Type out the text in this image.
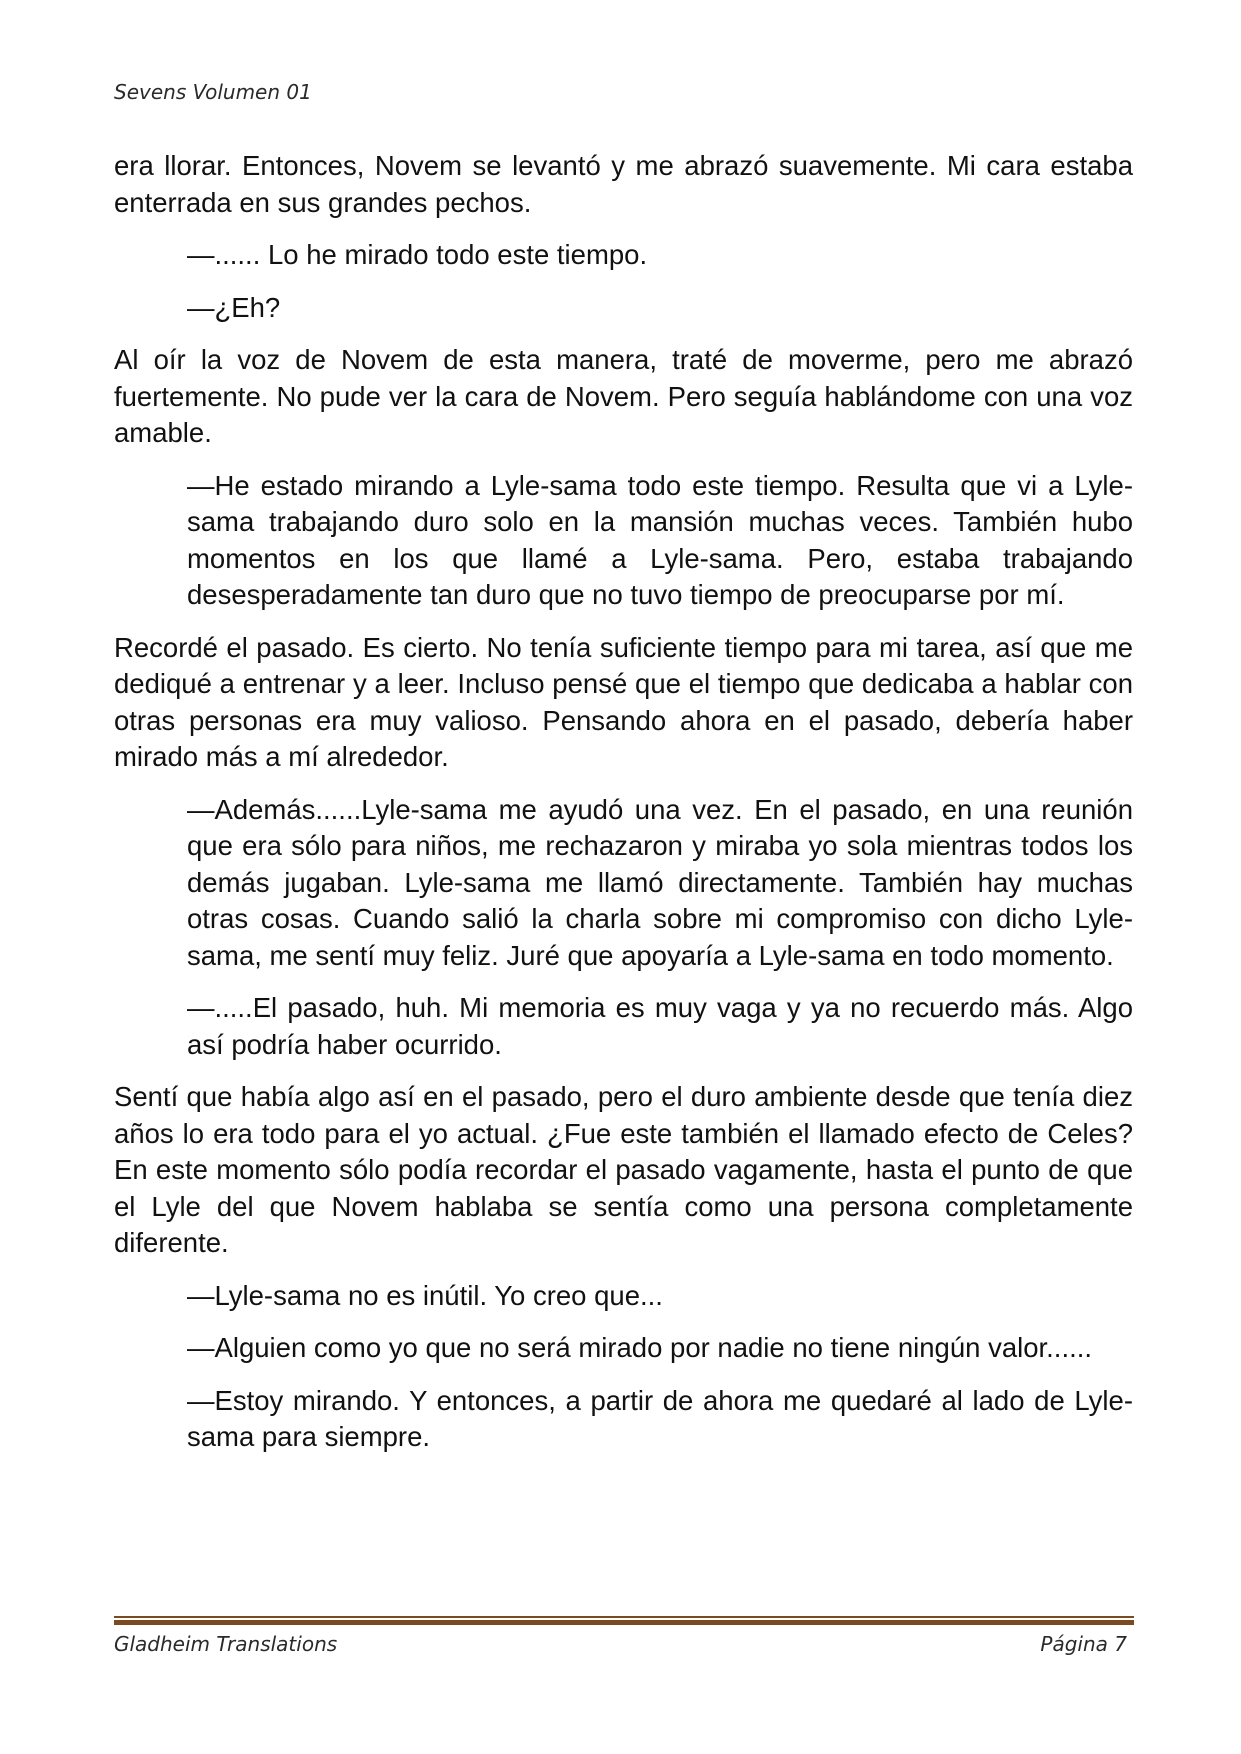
Sevens Volumen 01

era llorar. Entonces, Novem se levantó y me abrazó suavemente. Mi cara estaba enterrada en sus grandes pechos.

—...... Lo he mirado todo este tiempo.

—¿Eh?

Al oír la voz de Novem de esta manera, traté de moverme, pero me abrazó fuertemente. No pude ver la cara de Novem. Pero seguía hablándome con una voz amable.

—He estado mirando a Lyle-sama todo este tiempo. Resulta que vi a Lyle-sama trabajando duro solo en la mansión muchas veces. También hubo momentos en los que llamé a Lyle-sama. Pero, estaba trabajando desesperadamente tan duro que no tuvo tiempo de preocuparse por mí.

Recordé el pasado. Es cierto. No tenía suficiente tiempo para mi tarea, así que me dediqué a entrenar y a leer. Incluso pensé que el tiempo que dedicaba a hablar con otras personas era muy valioso. Pensando ahora en el pasado, debería haber mirado más a mí alrededor.

—Además......Lyle-sama me ayudó una vez. En el pasado, en una reunión que era sólo para niños, me rechazaron y miraba yo sola mientras todos los demás jugaban. Lyle-sama me llamó directamente. También hay muchas otras cosas. Cuando salió la charla sobre mi compromiso con dicho Lyle-sama, me sentí muy feliz. Juré que apoyaría a Lyle-sama en todo momento.

—.....El pasado, huh. Mi memoria es muy vaga y ya no recuerdo más. Algo así podría haber ocurrido.

Sentí que había algo así en el pasado, pero el duro ambiente desde que tenía diez años lo era todo para el yo actual. ¿Fue este también el llamado efecto de Celes? En este momento sólo podía recordar el pasado vagamente, hasta el punto de que el Lyle del que Novem hablaba se sentía como una persona completamente diferente.

—Lyle-sama no es inútil. Yo creo que...

—Alguien como yo que no será mirado por nadie no tiene ningún valor......

—Estoy mirando. Y entonces, a partir de ahora me quedaré al lado de Lyle-sama para siempre.

Gladheim Translations	Página 7
